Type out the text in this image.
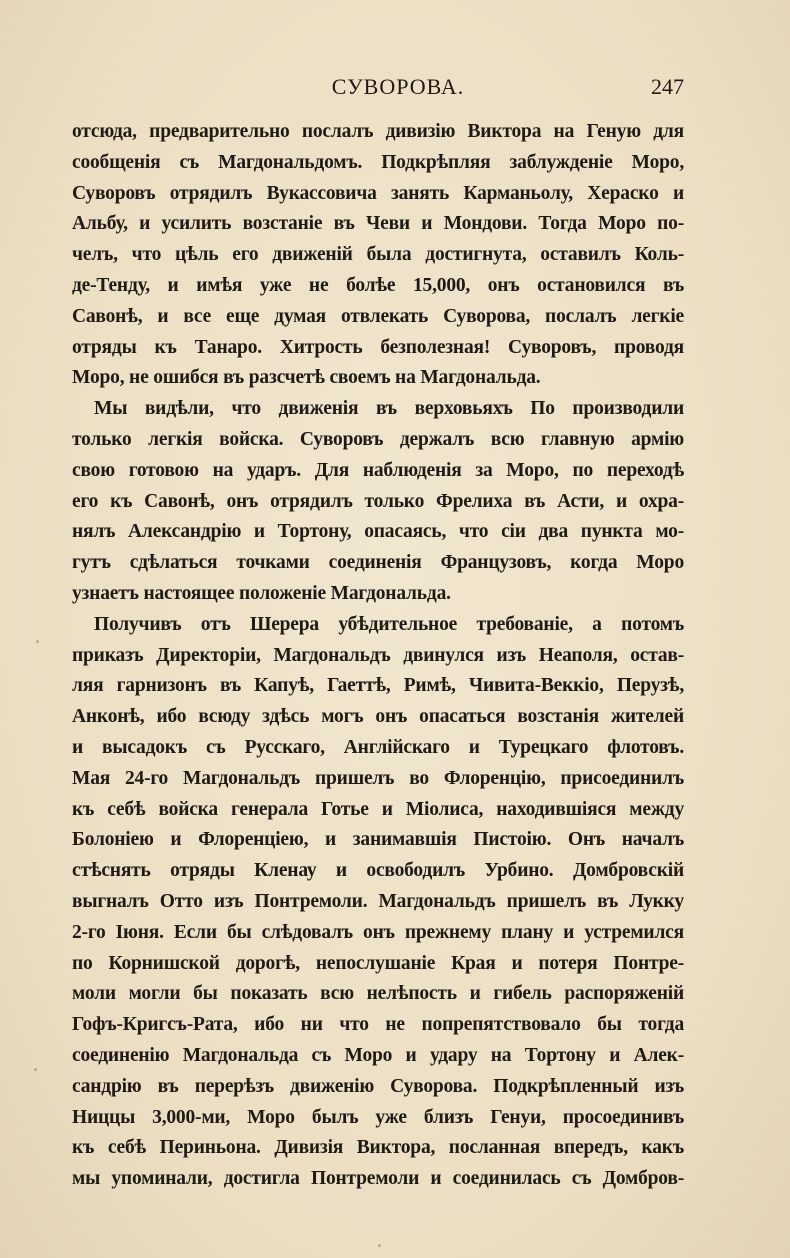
СУВОРОВА.	247
отсюда, предварительно послалъ дивизію Виктора на Геную для
сообщенія съ Магдональдомъ. Подкрѣпляя заблужденіе Моро,
Суворовъ отрядилъ Вукассовича занять Карманьолу, Хераско и
Альбу, и усилить возстаніе въ Чеви и Мондови. Тогда Моро по-
челъ, что цѣль его движеній была достигнута, оставилъ Коль-
де-Тенду, и имѣя уже не болѣе 15,000, онъ остановился въ
Савонѣ, и все еще думая отвлекать Суворова, послалъ легкіе
отряды къ Танаро. Хитрость безполезная! Суворовъ, проводя
Моро, не ошибся въ разсчетѣ своемъ на Магдональда.
Мы видѣли, что движенія въ верховьяхъ По производили
только легкія войска. Суворовъ держалъ всю главную армію
свою готовою на ударъ. Для наблюденія за Моро, по переходѣ
его къ Савонѣ, онъ отрядилъ только Фрелиха въ Асти, и охра-
нялъ Александрію и Тортону, опасаясь, что сіи два пункта мо-
гутъ сдѣлаться точками соединенія Французовъ, когда Моро
узнаетъ настоящее положеніе Магдональда.
Получивъ отъ Шерера убѣдительное требованіе, а потомъ
приказъ Директоріи, Магдональдъ двинулся изъ Неаполя, остав-
ляя гарнизонъ въ Капуѣ, Гаеттѣ, Римѣ, Чивита-Веккіо, Перузѣ,
Анконѣ, ибо всюду здѣсь могъ онъ опасаться возстанія жителей
и высадокъ съ Русскаго, Англійскаго и Турецкаго флотовъ.
Мая 24-го Магдональдъ пришелъ во Флоренцію, присоединилъ
къ себѣ войска генерала Готье и Міолиса, находившіяся между
Болоніею и Флоренціею, и занимавшія Пистоію. Онъ началъ
стѣснять отряды Кленау и освободилъ Урбино. Домбровскій
выгналъ Отто изъ Понтремоли. Магдональдъ пришелъ въ Лукку
2-го Іюня. Если бы слѣдовалъ онъ прежнему плану и устремился
по Корнишской дорогѣ, непослушаніе Края и потеря Понтре-
моли могли бы показать всю нелѣпость и гибель распоряженій
Гофъ-Кригсъ-Рата, ибо ни что не попрепятствовало бы тогда
соединенію Магдональда съ Моро и удару на Тортону и Алек-
сандрію въ перерѣзъ движенію Суворова. Подкрѣпленный изъ
Ниццы 3,000-ми, Моро былъ уже близъ Генуи, просоединивъ
къ себѣ Периньона. Дивизія Виктора, посланная впередъ, какъ
мы упоминали, достигла Понтремоли и соединилась съ Домбров-
